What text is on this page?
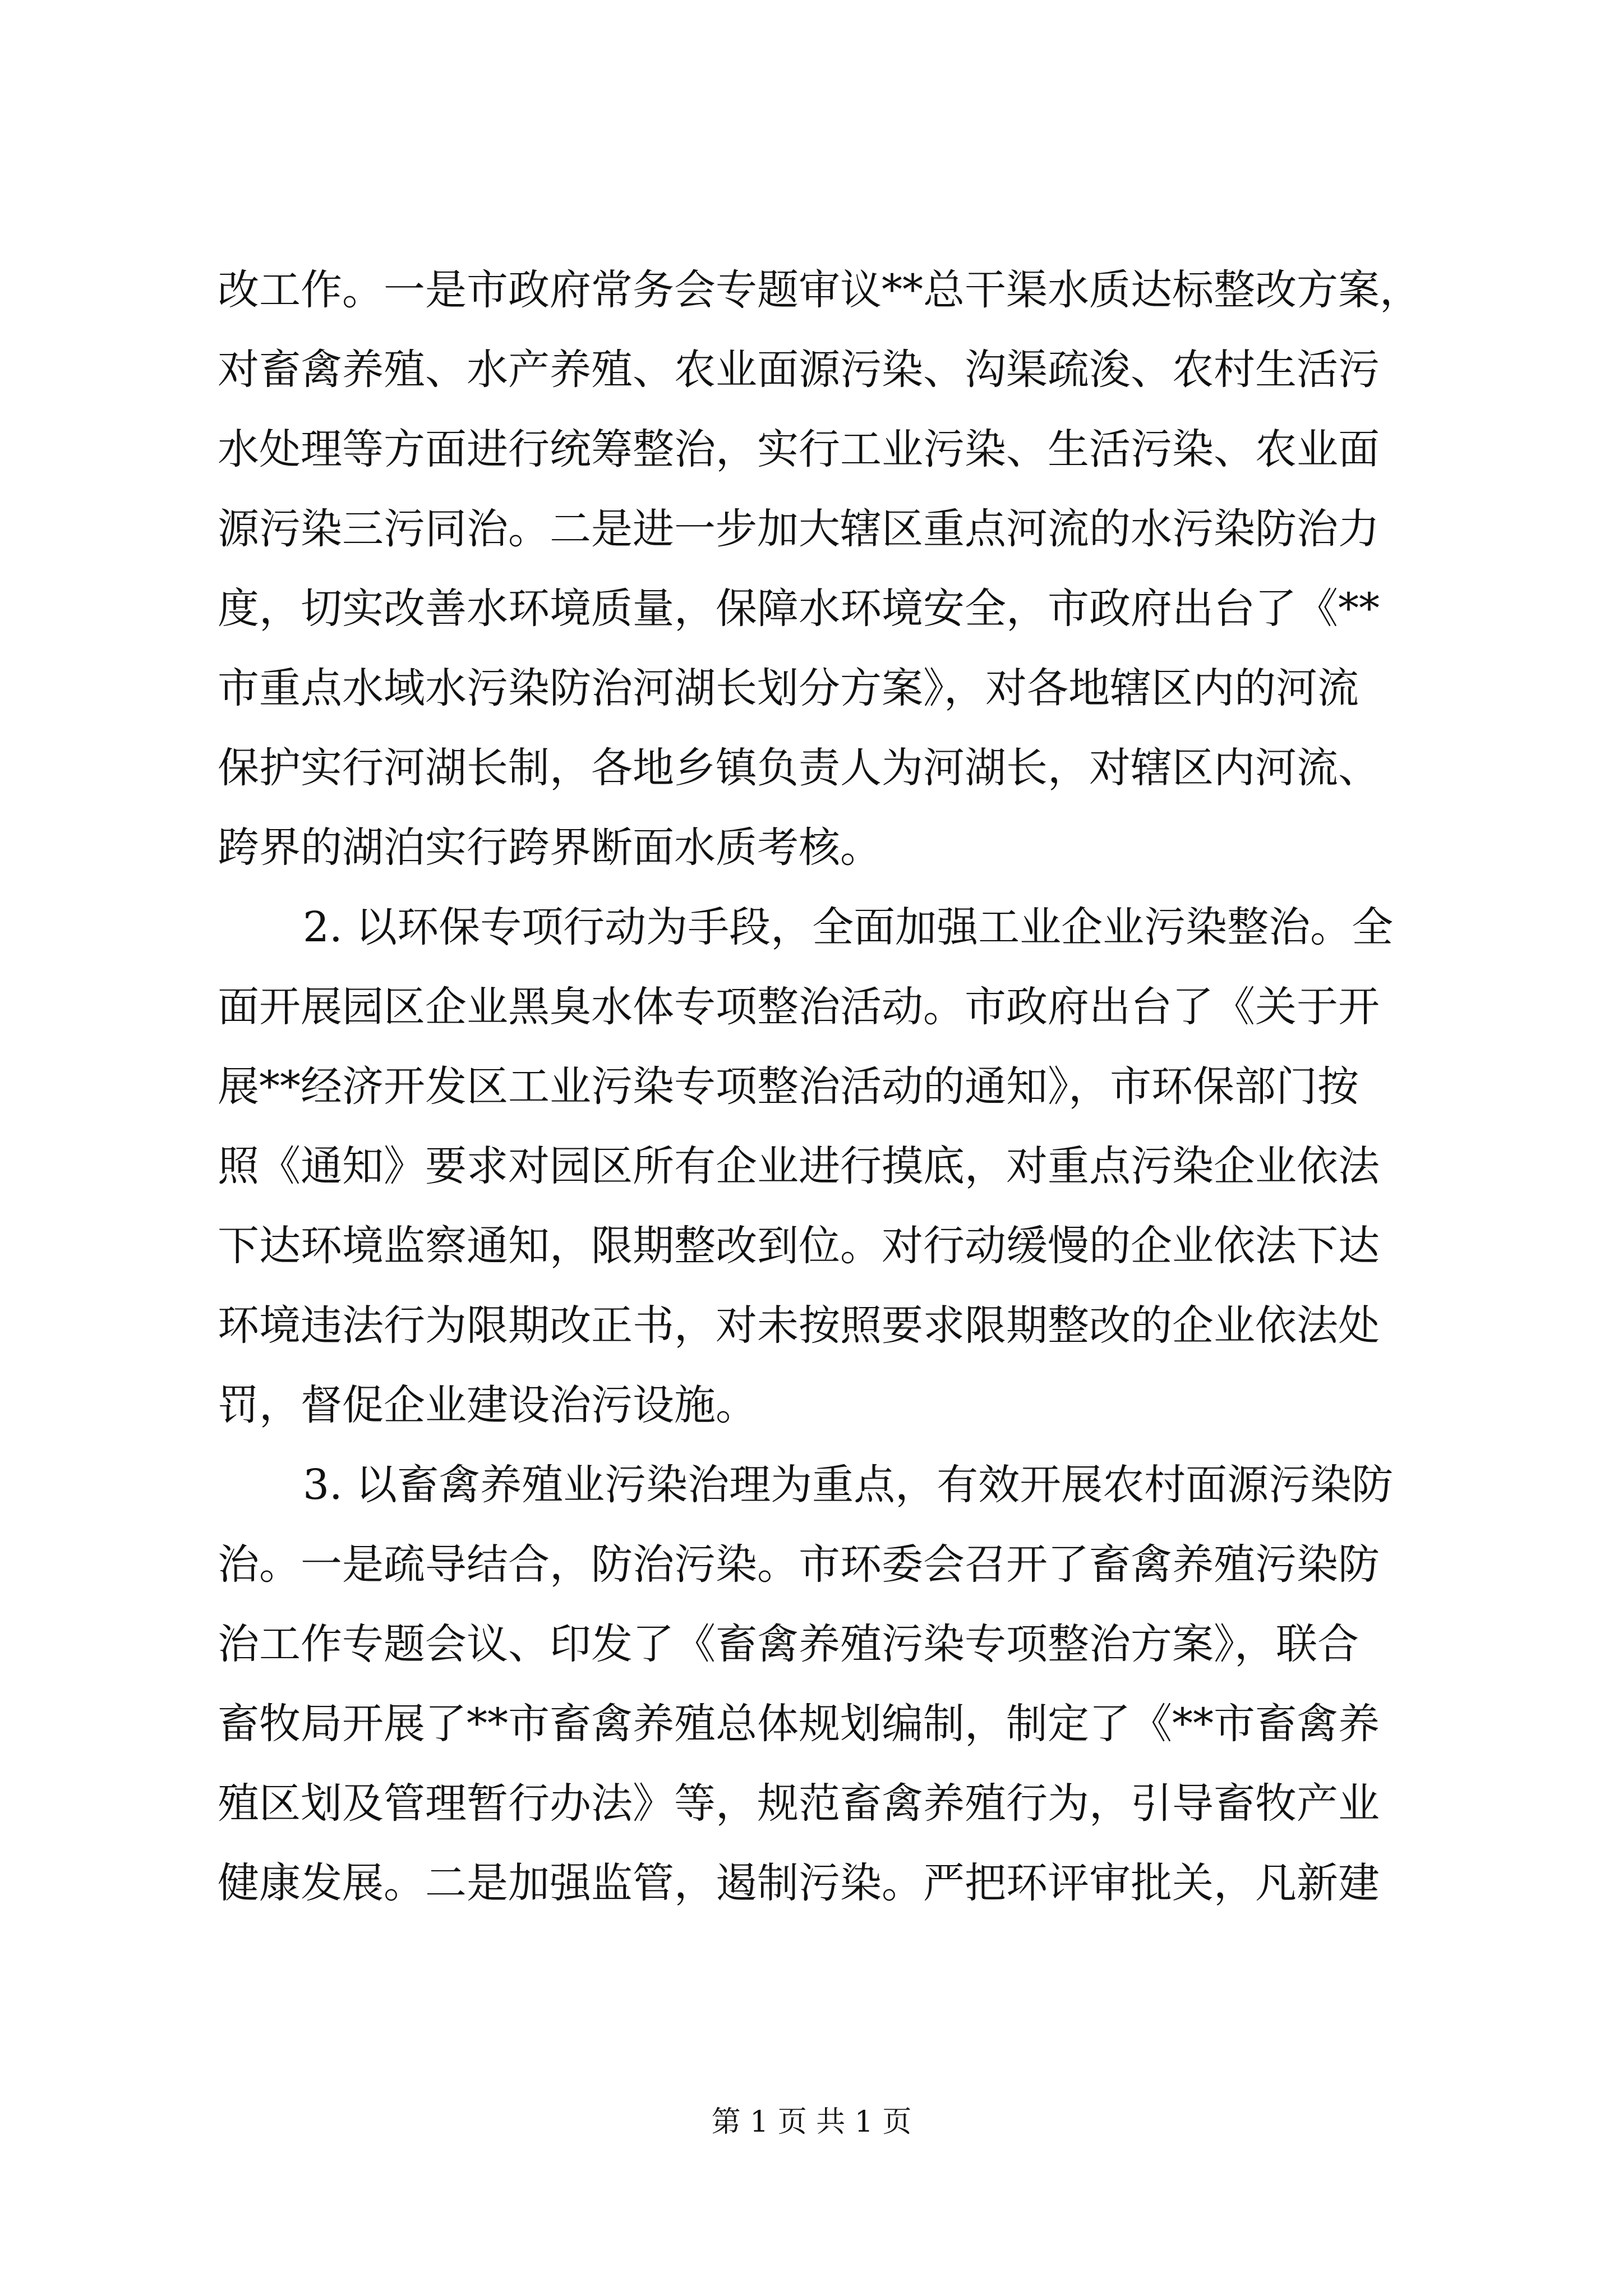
改工作。一是市政府常务会专题审议**总干渠水质达标整改方案，
对畜禽养殖、水产养殖、农业面源污染、沟渠疏浚、农村生活污
水处理等方面进行统筹整治，实行工业污染、生活污染、农业面
源污染三污同治。二是进一步加大辖区重点河流的水污染防治力
度，切实改善水环境质量，保障水环境安全，市政府出台了《**
市重点水域水污染防治河湖长划分方案》，对各地辖区内的河流
保护实行河湖长制，各地乡镇负责人为河湖长，对辖区内河流、
跨界的湖泊实行跨界断面水质考核。
2. 以环保专项行动为手段，全面加强工业企业污染整治。全
面开展园区企业黑臭水体专项整治活动。市政府出台了《关于开
展**经济开发区工业污染专项整治活动的通知》，市环保部门按
照《通知》要求对园区所有企业进行摸底，对重点污染企业依法
下达环境监察通知，限期整改到位。对行动缓慢的企业依法下达
环境违法行为限期改正书，对未按照要求限期整改的企业依法处
罚，督促企业建设治污设施。
3. 以畜禽养殖业污染治理为重点，有效开展农村面源污染防
治。一是疏导结合，防治污染。市环委会召开了畜禽养殖污染防
治工作专题会议、印发了《畜禽养殖污染专项整治方案》，联合
畜牧局开展了**市畜禽养殖总体规划编制，制定了《**市畜禽养
殖区划及管理暂行办法》等，规范畜禽养殖行为，引导畜牧产业
健康发展。二是加强监管，遏制污染。严把环评审批关，凡新建
第 1 页 共 1 页
